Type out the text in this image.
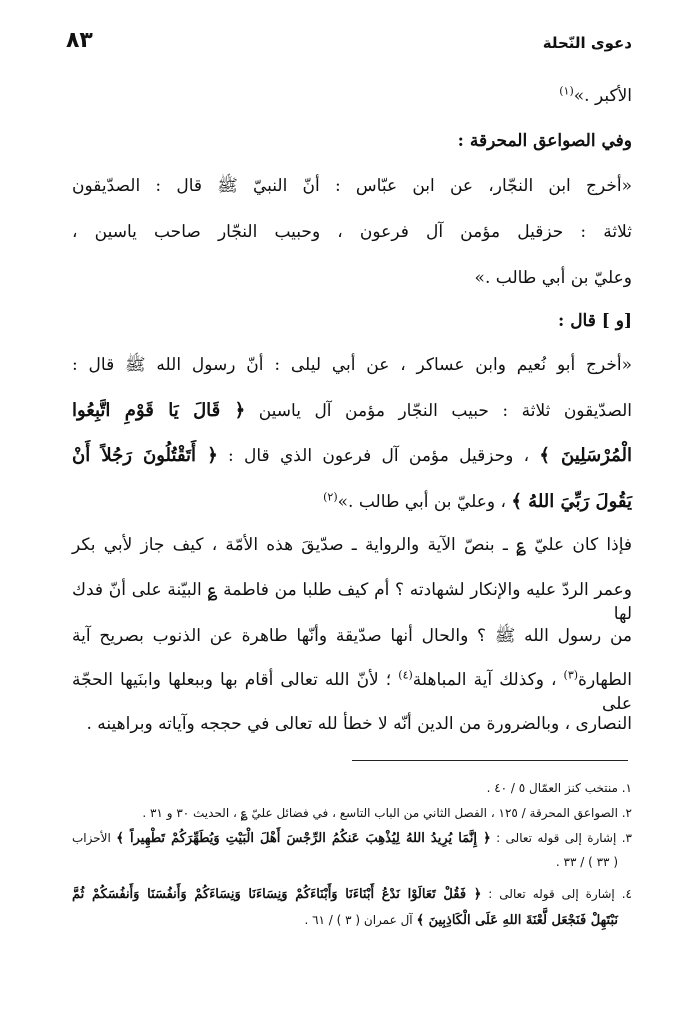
دعوى النّحلة
٨٣
الأكبر .»$^{(١)}$
وفي الصواعق المحرقة :
«أخرج ابن النجّار، عن ابن عبّاس : أنّ النبيّ ﷺ قال : الصدّيقون
ثلاثة : حزقيل مؤمن آل فرعون ، وحبيب النجّار صاحب ياسين ،
وعليّ بن أبي طالب .»
[و ] قال :
«أخرج أبو نُعيم وابن عساكر ، عن أبي ليلى : أنّ رسول الله ﷺ قال :
الصدّيقون ثلاثة : حبيب النجّار مؤمن آل ياسين ﴿ قَالَ يَا قَوْمِ اتَّبِعُوا
الْمُرْسَلِينَ ﴾ ، وحزقيل مؤمن آل فرعون الذي قال : ﴿ أَتَقْتُلُونَ رَجُلاً أَنْ
يَقُولَ رَبِّيَ اللهُ ﴾ ، وعليّ بن أبي طالب .»$^{(٢)}$
فإذا كان عليّ ؏ ـ بنصّ الآية والرواية ـ صدّيقَ هذه الأمّة ، كيف جاز لأبي بكر
وعمر الردّ عليه والإنكار لشهادته ؟ أم كيف طلبا من فاطمة ؏ البيّنة على أنّ فدك لها
من رسول الله ﷺ ؟ والحال أنها صدّيقة وأنّها طاهرة عن الذنوب بصريح آية
الطهارة$^{(٣)}$ ، وكذلك آية المباهلة$^{(٤)}$ ؛ لأنّ الله تعالى أقام بها وببعلها وابنَيها الحجّة على
النصارى ، وبالضرورة من الدين أنّه لا خطأ لله تعالى في حججه وآياته وبراهينه .
١. منتخب كنز العمّال ٥ / ٤٠ .
٢. الصواعق المحرقة / ١٢٥ ، الفصل الثاني من الباب التاسع ، في فضائل عليّ ؏ ، الحديث ٣٠ و ٣١ .
٣. إشارة إلى قوله تعالى : ﴿ إِنَّمَا يُرِيدُ اللهُ لِيُذْهِبَ عَنكُمُ الرِّجْسَ أَهْلَ الْبَيْتِ وَيُطَهِّرَكُمْ تَطْهِيراً ﴾ الأحزاب
( ٣٣ ) / ٣٣ .
٤. إشارة إلى قوله تعالى : ﴿ فَقُلْ تَعَالَوْا نَدْعُ أَبْنَاءَنَا وَأَبْنَاءَكُمْ وَنِسَاءَنَا وَنِسَاءَكُمْ وَأَنفُسَنَا وَأَنفُسَكُمْ ثُمَّ
نَبْتَهِلْ فَنَجْعَل لَّعْنَةَ اللهِ عَلَى الْكَاذِبِينَ ﴾ آل عمران ( ٣ ) / ٦١ .
